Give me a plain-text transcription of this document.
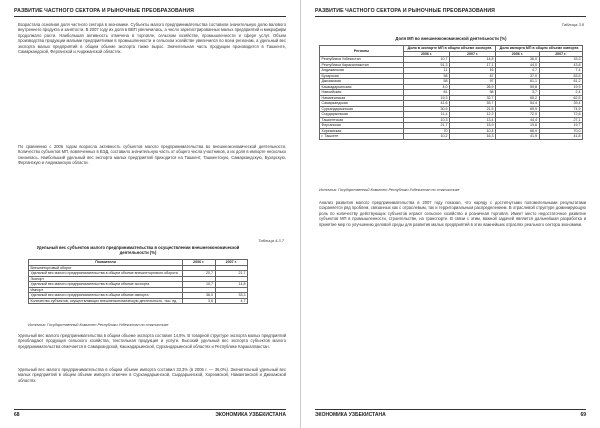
РАЗВИТИЕ ЧАСТНОГО СЕКТОРА И РЫНОЧНЫЕ ПРЕОБРАЗОВАНИЯ
Возрастала основная доля частного сектора в экономике. Субъекты малого предпринимательства составили значительную долю валового внутреннего продукта и занятости. В 2007 году их доля в ВВП увеличилась, а число зарегистрированных малых предприятий и микрофирм продолжало расти. Наибольшая активность отмечена в торговле, сельском хозяйстве, промышленности и сфере услуг. Объем производства продукции малыми предприятиями в промышленности и сельском хозяйстве увеличился по всем регионам, а удельный вес экспорта малых предприятий в общем объеме экспорта также вырос. Значительная часть продукции производится в Ташкенте, Самаркандской, Ферганской и Андижанской областях.
По сравнению с 2006 годом возросла активность субъектов малого предпринимательства во внешнеэкономической деятельности. Количество субъектов МП, вовлеченных в ВЭД, составило значительную часть от общего числа участников, а их доля в импорте несколько снизилась. Наибольший удельный вес экспорта малых предприятий приходится на Ташкент, Ташкентскую, Самаркандскую, Бухарскую, Ферганскую и Андижанскую области.
Таблица 4.3.7
Удельный вес субъектов малого предпринимательства в осуществлении внешнеэкономической деятельности (%)
Показатели	2006 г.	2007 г.
Внешнеторговый оборот		
Удельный вес малого предпринимательства в общем объеме внешнеторгового оборота	20,7	21,7
Экспорт		
Удельный вес малого предпринимательства в общем объеме экспорта	10,7	14,8
Импорт		
Удельный вес малого предпринимательства в общем объеме импорта	36,0	33,3
Количество субъектов, осуществляющих внешнеэкономическую деятельность, тыс. ед.	3,6	4,7
Источник: Государственный Комитет Республики Узбекистан по статистике
Удельный вес малого предпринимательства в общем объеме экспорта составил 14,8%. В товарной структуре экспорта малых предприятий преобладают продукция сельского хозяйства, текстильная продукция и услуги. Высокий удельный вес экспорта субъектов малого предпринимательства отмечается в Самаркандской, Кашкадарьинской, Сурхандарьинской областях и Республике Каракалпакстан.
Удельный вес малого предпринимательства в общем объеме импорта составил 33,3% (в 2006 г. — 36,0%). Значительный удельный вес малых предприятий в общем объеме импорта отмечен в Сурхандарьинской, Сырдарьинской, Хорезмской, Наманганской и Джизакской областях.
68	ЭКОНОМИКА УЗБЕКИСТАНА
РАЗВИТИЕ ЧАСТНОГО СЕКТОРА И РЫНОЧНЫЕ ПРЕОБРАЗОВАНИЯ
Таблица 3.8
Доля МП во внешнеэкономической деятельности (%)
Регионы	Доля в экспорте МП в общем объеме экспорта		Доля импорта МП в общем объеме импорта	
	2006 г.	2007 г.	2006 г.	2007 г.
Республика Узбекистан	10,7	14,8	36,0	33,3
Республика Каракалпакстан	51,3	17,1	44,0	43,8
Андижанская	11	16	4,7	7,4
Бухарская	58	67	37,0	53,5
Джизакская	58	97	61,1	61,2
Кашкадарьинская	4,0	26,9	59,8	19,9
Навоийская	81	58	3,7	2,4
Наманганская	19,3	32,7	65,2	62,5
Самаркандская	41,6	53,7	54,4	39,4
Сурхандарьинская	30,9	21,5	69,9	74,9
Сырдарьинская	11,4	12,2	72,0	72,6
Ташкентская	10,3	13,4	44,4	27,1
Ферганская	21,7	15,9	19,6	19,7
Хорезмская	70	10,4	66,9	70,0
г. Ташкент	10,2	16,3	41,9	41,8
Источник: Государственный Комитет Республики Узбекистан по статистике
Анализ развития малого предпринимательства в 2007 году показал, что наряду с достигнутыми положительными результатами сохраняется ряд проблем, связанных как с отраслевым, так и территориальным распределением. В отраслевой структуре доминирующую роль по количеству действующих субъектов играют сельское хозяйство и розничная торговля. Имеет место недостаточное развитие субъектов МП в промышленности, строительстве, на транспорте. В связи с этим, важной задачей является дальнейшая разработка и принятие мер по улучшению деловой среды для развития малых предприятий в этих важнейших отраслях реального сектора экономики.
ЭКОНОМИКА УЗБЕКИСТАНА	69
